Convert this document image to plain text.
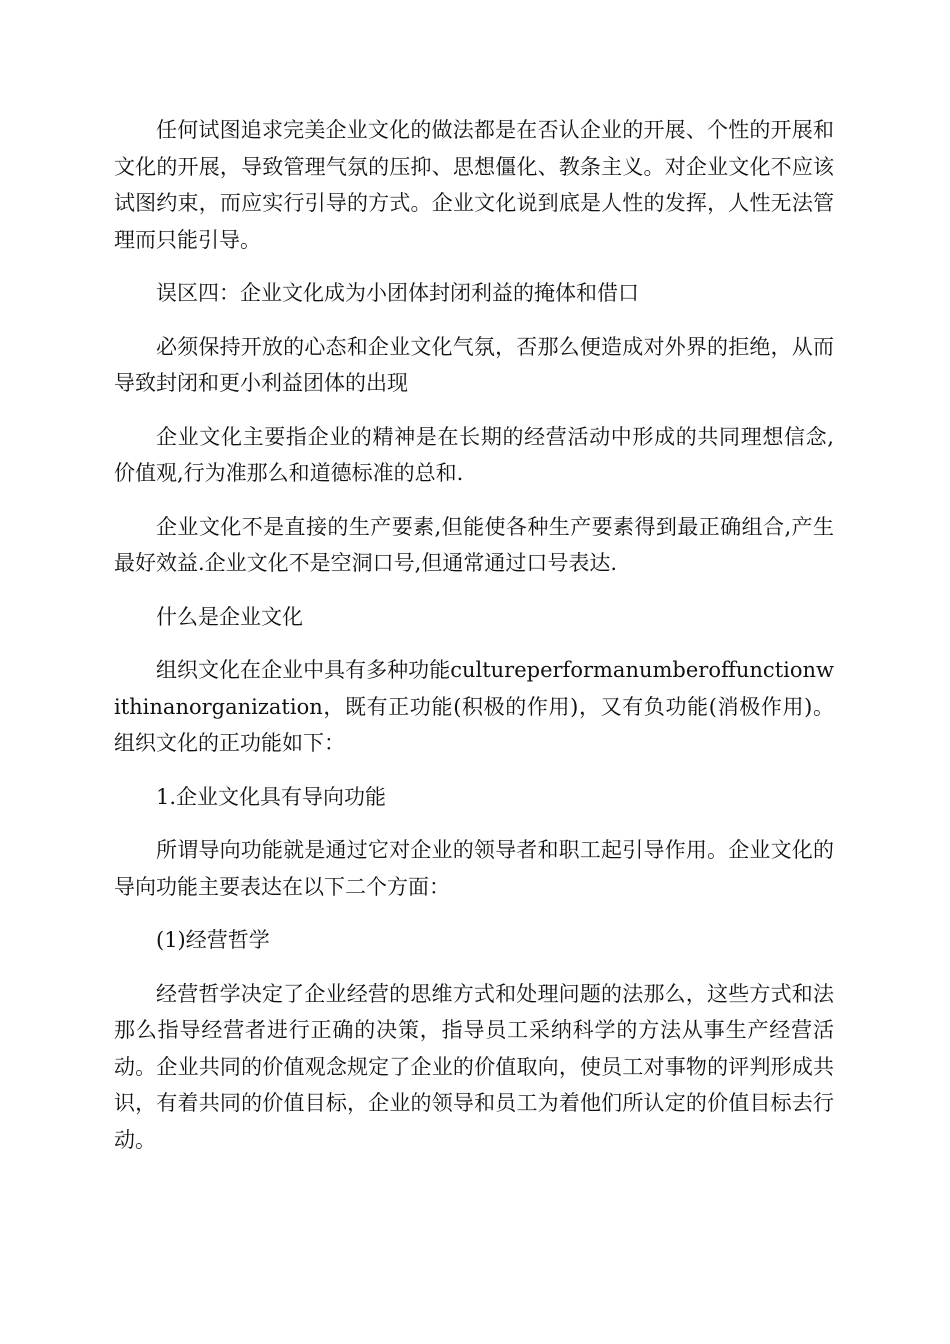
任何试图追求完美企业文化的做法都是在否认企业的开展、个性的开展和文化的开展，导致管理气氛的压抑、思想僵化、教条主义。对企业文化不应该试图约束，而应实行引导的方式。企业文化说到底是人性的发挥，人性无法管理而只能引导。

误区四：企业文化成为小团体封闭利益的掩体和借口

必须保持开放的心态和企业文化气氛，否那么便造成对外界的拒绝，从而导致封闭和更小利益团体的出现

企业文化主要指企业的精神是在长期的经营活动中形成的共同理想信念,价值观,行为准那么和道德标准的总和.

企业文化不是直接的生产要素,但能使各种生产要素得到最正确组合,产生最好效益.企业文化不是空洞口号,但通常通过口号表达.

什么是企业文化

组织文化在企业中具有多种功能cultureperformanumberoffunctionwithinanorganization，既有正功能(积极的作用)，又有负功能(消极作用)。组织文化的正功能如下：

1.企业文化具有导向功能

所谓导向功能就是通过它对企业的领导者和职工起引导作用。企业文化的导向功能主要表达在以下二个方面：

(1)经营哲学

经营哲学决定了企业经营的思维方式和处理问题的法那么，这些方式和法那么指导经营者进行正确的决策，指导员工采纳科学的方法从事生产经营活动。企业共同的价值观念规定了企业的价值取向，使员工对事物的评判形成共识，有着共同的价值目标，企业的领导和员工为着他们所认定的价值目标去行动。
